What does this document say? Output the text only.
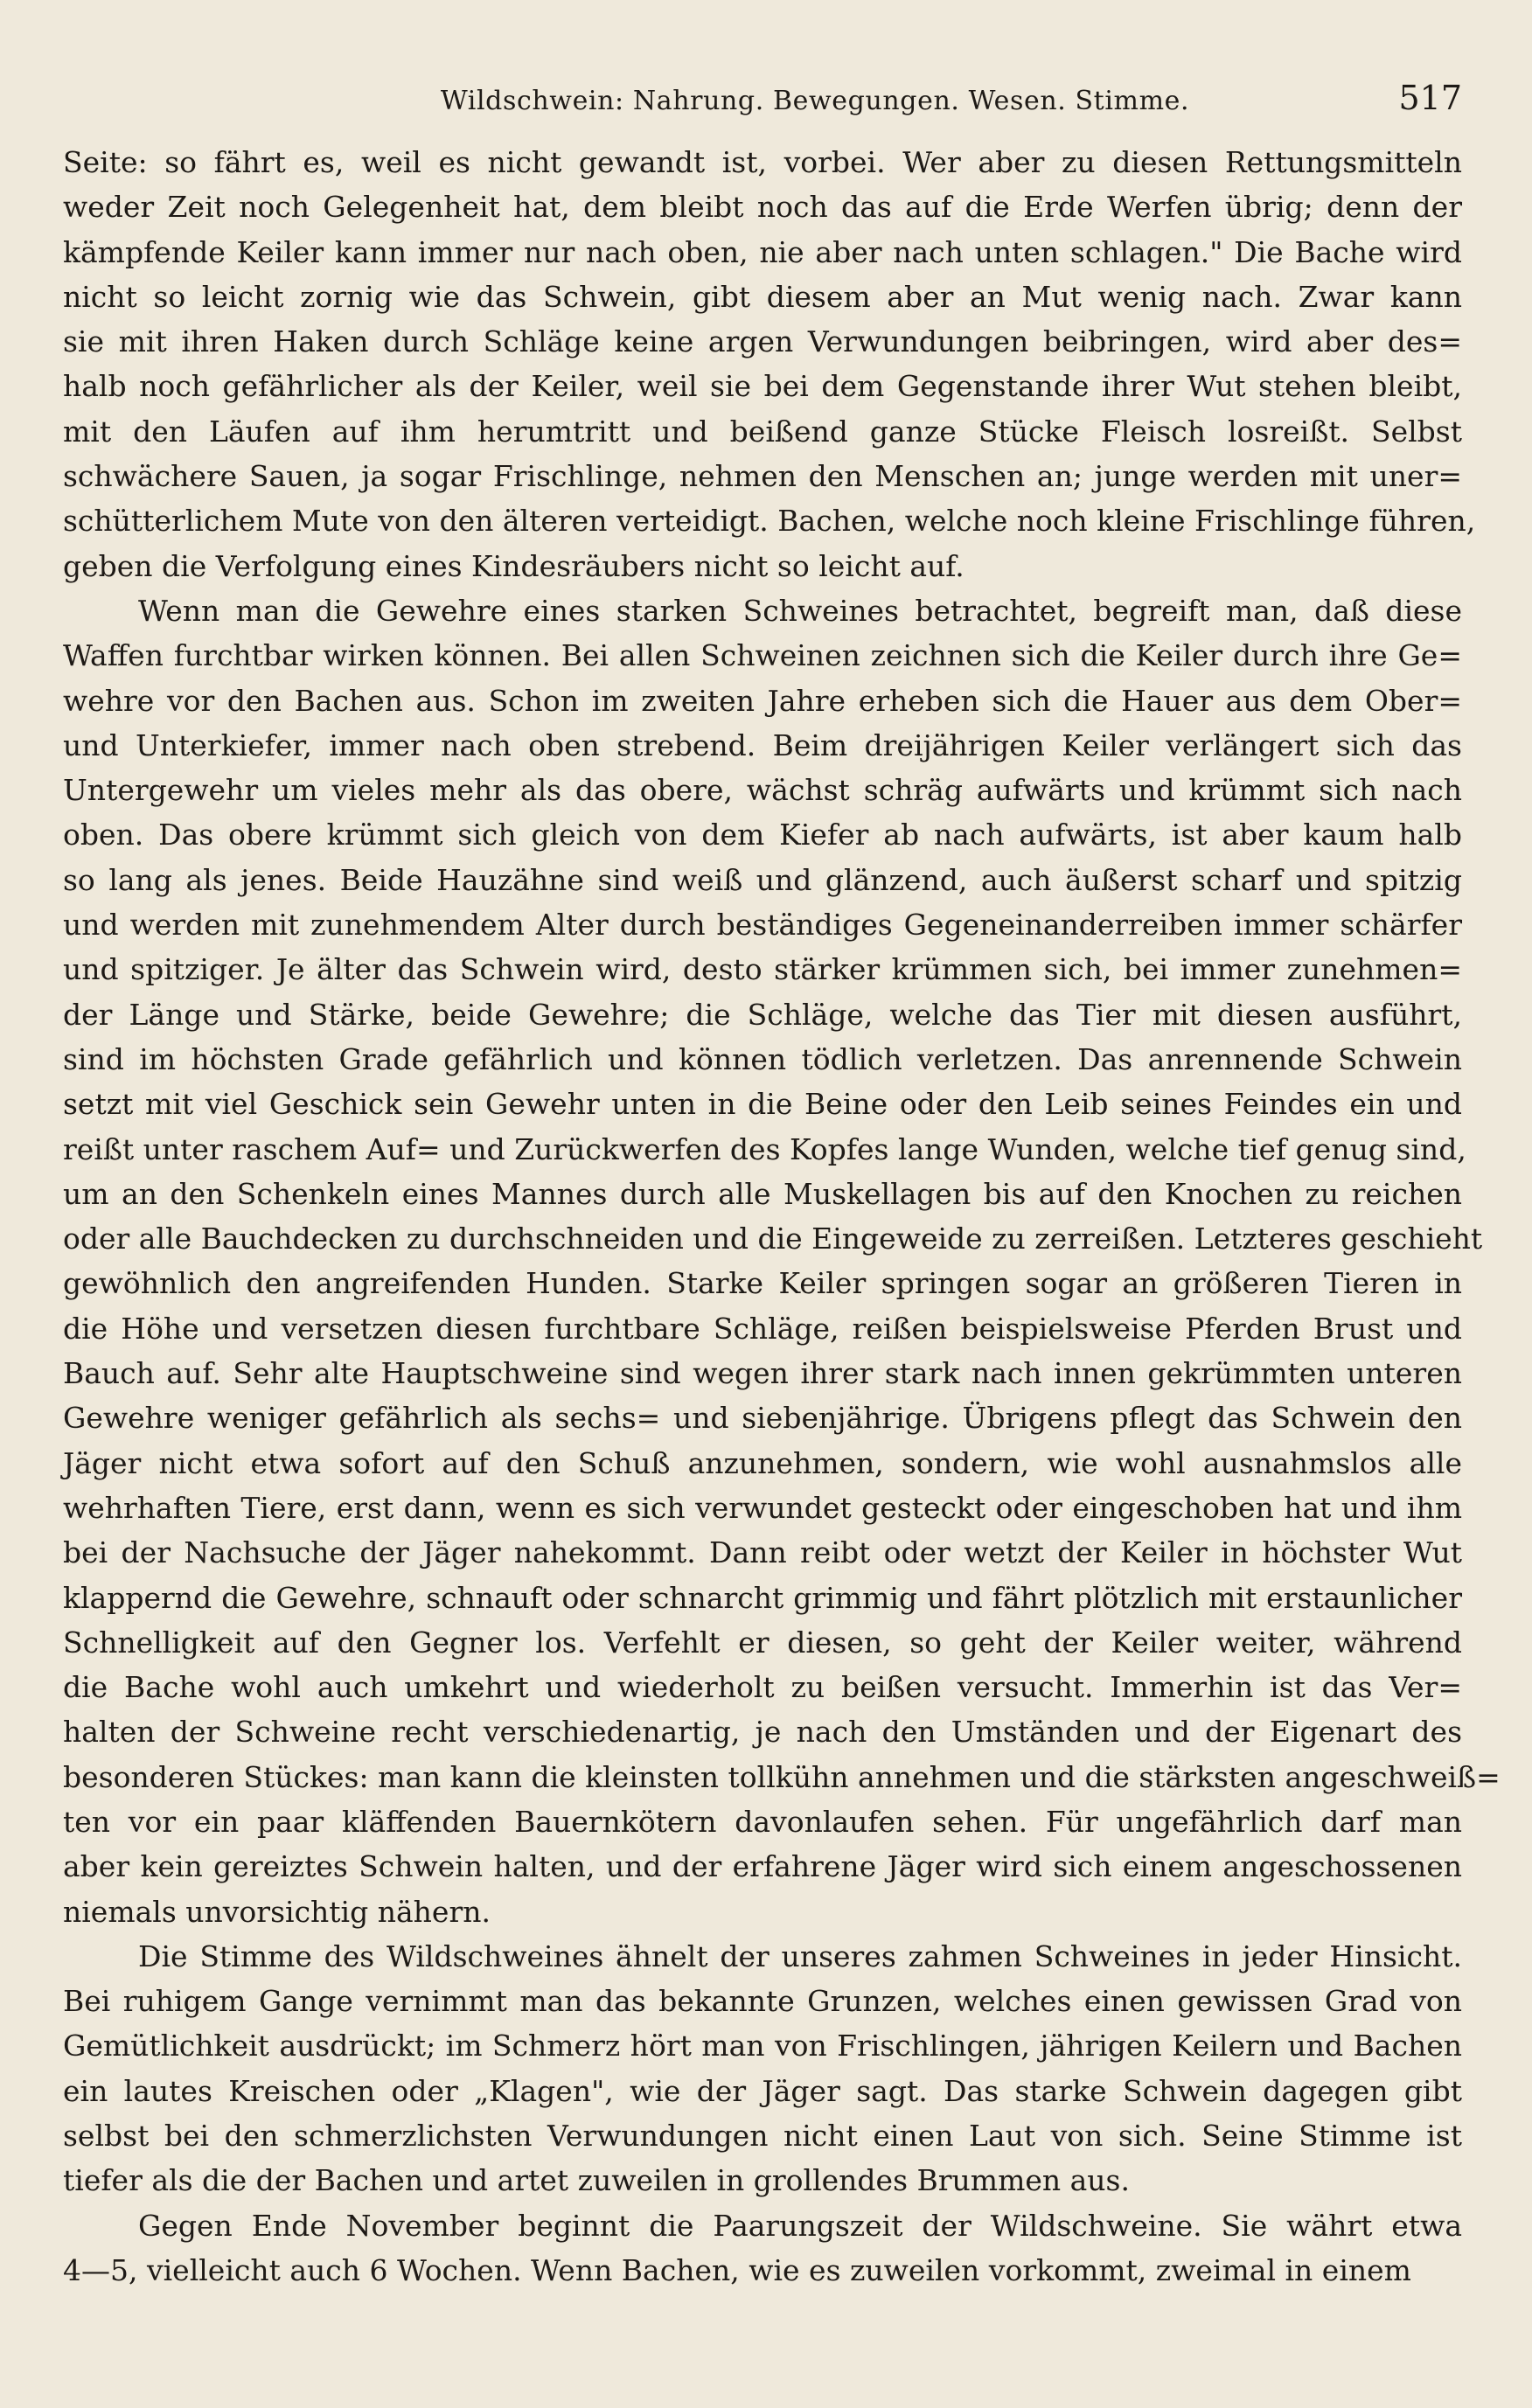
Wildschwein: Nahrung. Bewegungen. Wesen. Stimme.	517
Seite: so fährt es, weil es nicht gewandt ist, vorbei. Wer aber zu diesen Rettungsmitteln
weder Zeit noch Gelegenheit hat, dem bleibt noch das auf die Erde Werfen übrig; denn der
kämpfende Keiler kann immer nur nach oben, nie aber nach unten schlagen." Die Bache wird
nicht so leicht zornig wie das Schwein, gibt diesem aber an Mut wenig nach. Zwar kann
sie mit ihren Haken durch Schläge keine argen Verwundungen beibringen, wird aber des=
halb noch gefährlicher als der Keiler, weil sie bei dem Gegenstande ihrer Wut stehen bleibt,
mit den Läufen auf ihm herumtritt und beißend ganze Stücke Fleisch losreißt. Selbst
schwächere Sauen, ja sogar Frischlinge, nehmen den Menschen an; junge werden mit uner=
schütterlichem Mute von den älteren verteidigt. Bachen, welche noch kleine Frischlinge führen,
geben die Verfolgung eines Kindesräubers nicht so leicht auf.
Wenn man die Gewehre eines starken Schweines betrachtet, begreift man, daß diese
Waffen furchtbar wirken können. Bei allen Schweinen zeichnen sich die Keiler durch ihre Ge=
wehre vor den Bachen aus. Schon im zweiten Jahre erheben sich die Hauer aus dem Ober=
und Unterkiefer, immer nach oben strebend. Beim dreijährigen Keiler verlängert sich das
Untergewehr um vieles mehr als das obere, wächst schräg aufwärts und krümmt sich nach
oben. Das obere krümmt sich gleich von dem Kiefer ab nach aufwärts, ist aber kaum halb
so lang als jenes. Beide Hauzähne sind weiß und glänzend, auch äußerst scharf und spitzig
und werden mit zunehmendem Alter durch beständiges Gegeneinanderreiben immer schärfer
und spitziger. Je älter das Schwein wird, desto stärker krümmen sich, bei immer zunehmen=
der Länge und Stärke, beide Gewehre; die Schläge, welche das Tier mit diesen ausführt,
sind im höchsten Grade gefährlich und können tödlich verletzen. Das anrennende Schwein
setzt mit viel Geschick sein Gewehr unten in die Beine oder den Leib seines Feindes ein und
reißt unter raschem Auf= und Zurückwerfen des Kopfes lange Wunden, welche tief genug sind,
um an den Schenkeln eines Mannes durch alle Muskellagen bis auf den Knochen zu reichen
oder alle Bauchdecken zu durchschneiden und die Eingeweide zu zerreißen. Letzteres geschieht
gewöhnlich den angreifenden Hunden. Starke Keiler springen sogar an größeren Tieren in
die Höhe und versetzen diesen furchtbare Schläge, reißen beispielsweise Pferden Brust und
Bauch auf. Sehr alte Hauptschweine sind wegen ihrer stark nach innen gekrümmten unteren
Gewehre weniger gefährlich als sechs= und siebenjährige. Übrigens pflegt das Schwein den
Jäger nicht etwa sofort auf den Schuß anzunehmen, sondern, wie wohl ausnahmslos alle
wehrhaften Tiere, erst dann, wenn es sich verwundet gesteckt oder eingeschoben hat und ihm
bei der Nachsuche der Jäger nahekommt. Dann reibt oder wetzt der Keiler in höchster Wut
klappernd die Gewehre, schnauft oder schnarcht grimmig und fährt plötzlich mit erstaunlicher
Schnelligkeit auf den Gegner los. Verfehlt er diesen, so geht der Keiler weiter, während
die Bache wohl auch umkehrt und wiederholt zu beißen versucht. Immerhin ist das Ver=
halten der Schweine recht verschiedenartig, je nach den Umständen und der Eigenart des
besonderen Stückes: man kann die kleinsten tollkühn annehmen und die stärksten angeschweiß=
ten vor ein paar kläffenden Bauernkötern davonlaufen sehen. Für ungefährlich darf man
aber kein gereiztes Schwein halten, und der erfahrene Jäger wird sich einem angeschossenen
niemals unvorsichtig nähern.
Die Stimme des Wildschweines ähnelt der unseres zahmen Schweines in jeder Hinsicht.
Bei ruhigem Gange vernimmt man das bekannte Grunzen, welches einen gewissen Grad von
Gemütlichkeit ausdrückt; im Schmerz hört man von Frischlingen, jährigen Keilern und Bachen
ein lautes Kreischen oder „Klagen", wie der Jäger sagt. Das starke Schwein dagegen gibt
selbst bei den schmerzlichsten Verwundungen nicht einen Laut von sich. Seine Stimme ist
tiefer als die der Bachen und artet zuweilen in grollendes Brummen aus.
Gegen Ende November beginnt die Paarungszeit der Wildschweine. Sie währt etwa
4—5, vielleicht auch 6 Wochen. Wenn Bachen, wie es zuweilen vorkommt, zweimal in einem
